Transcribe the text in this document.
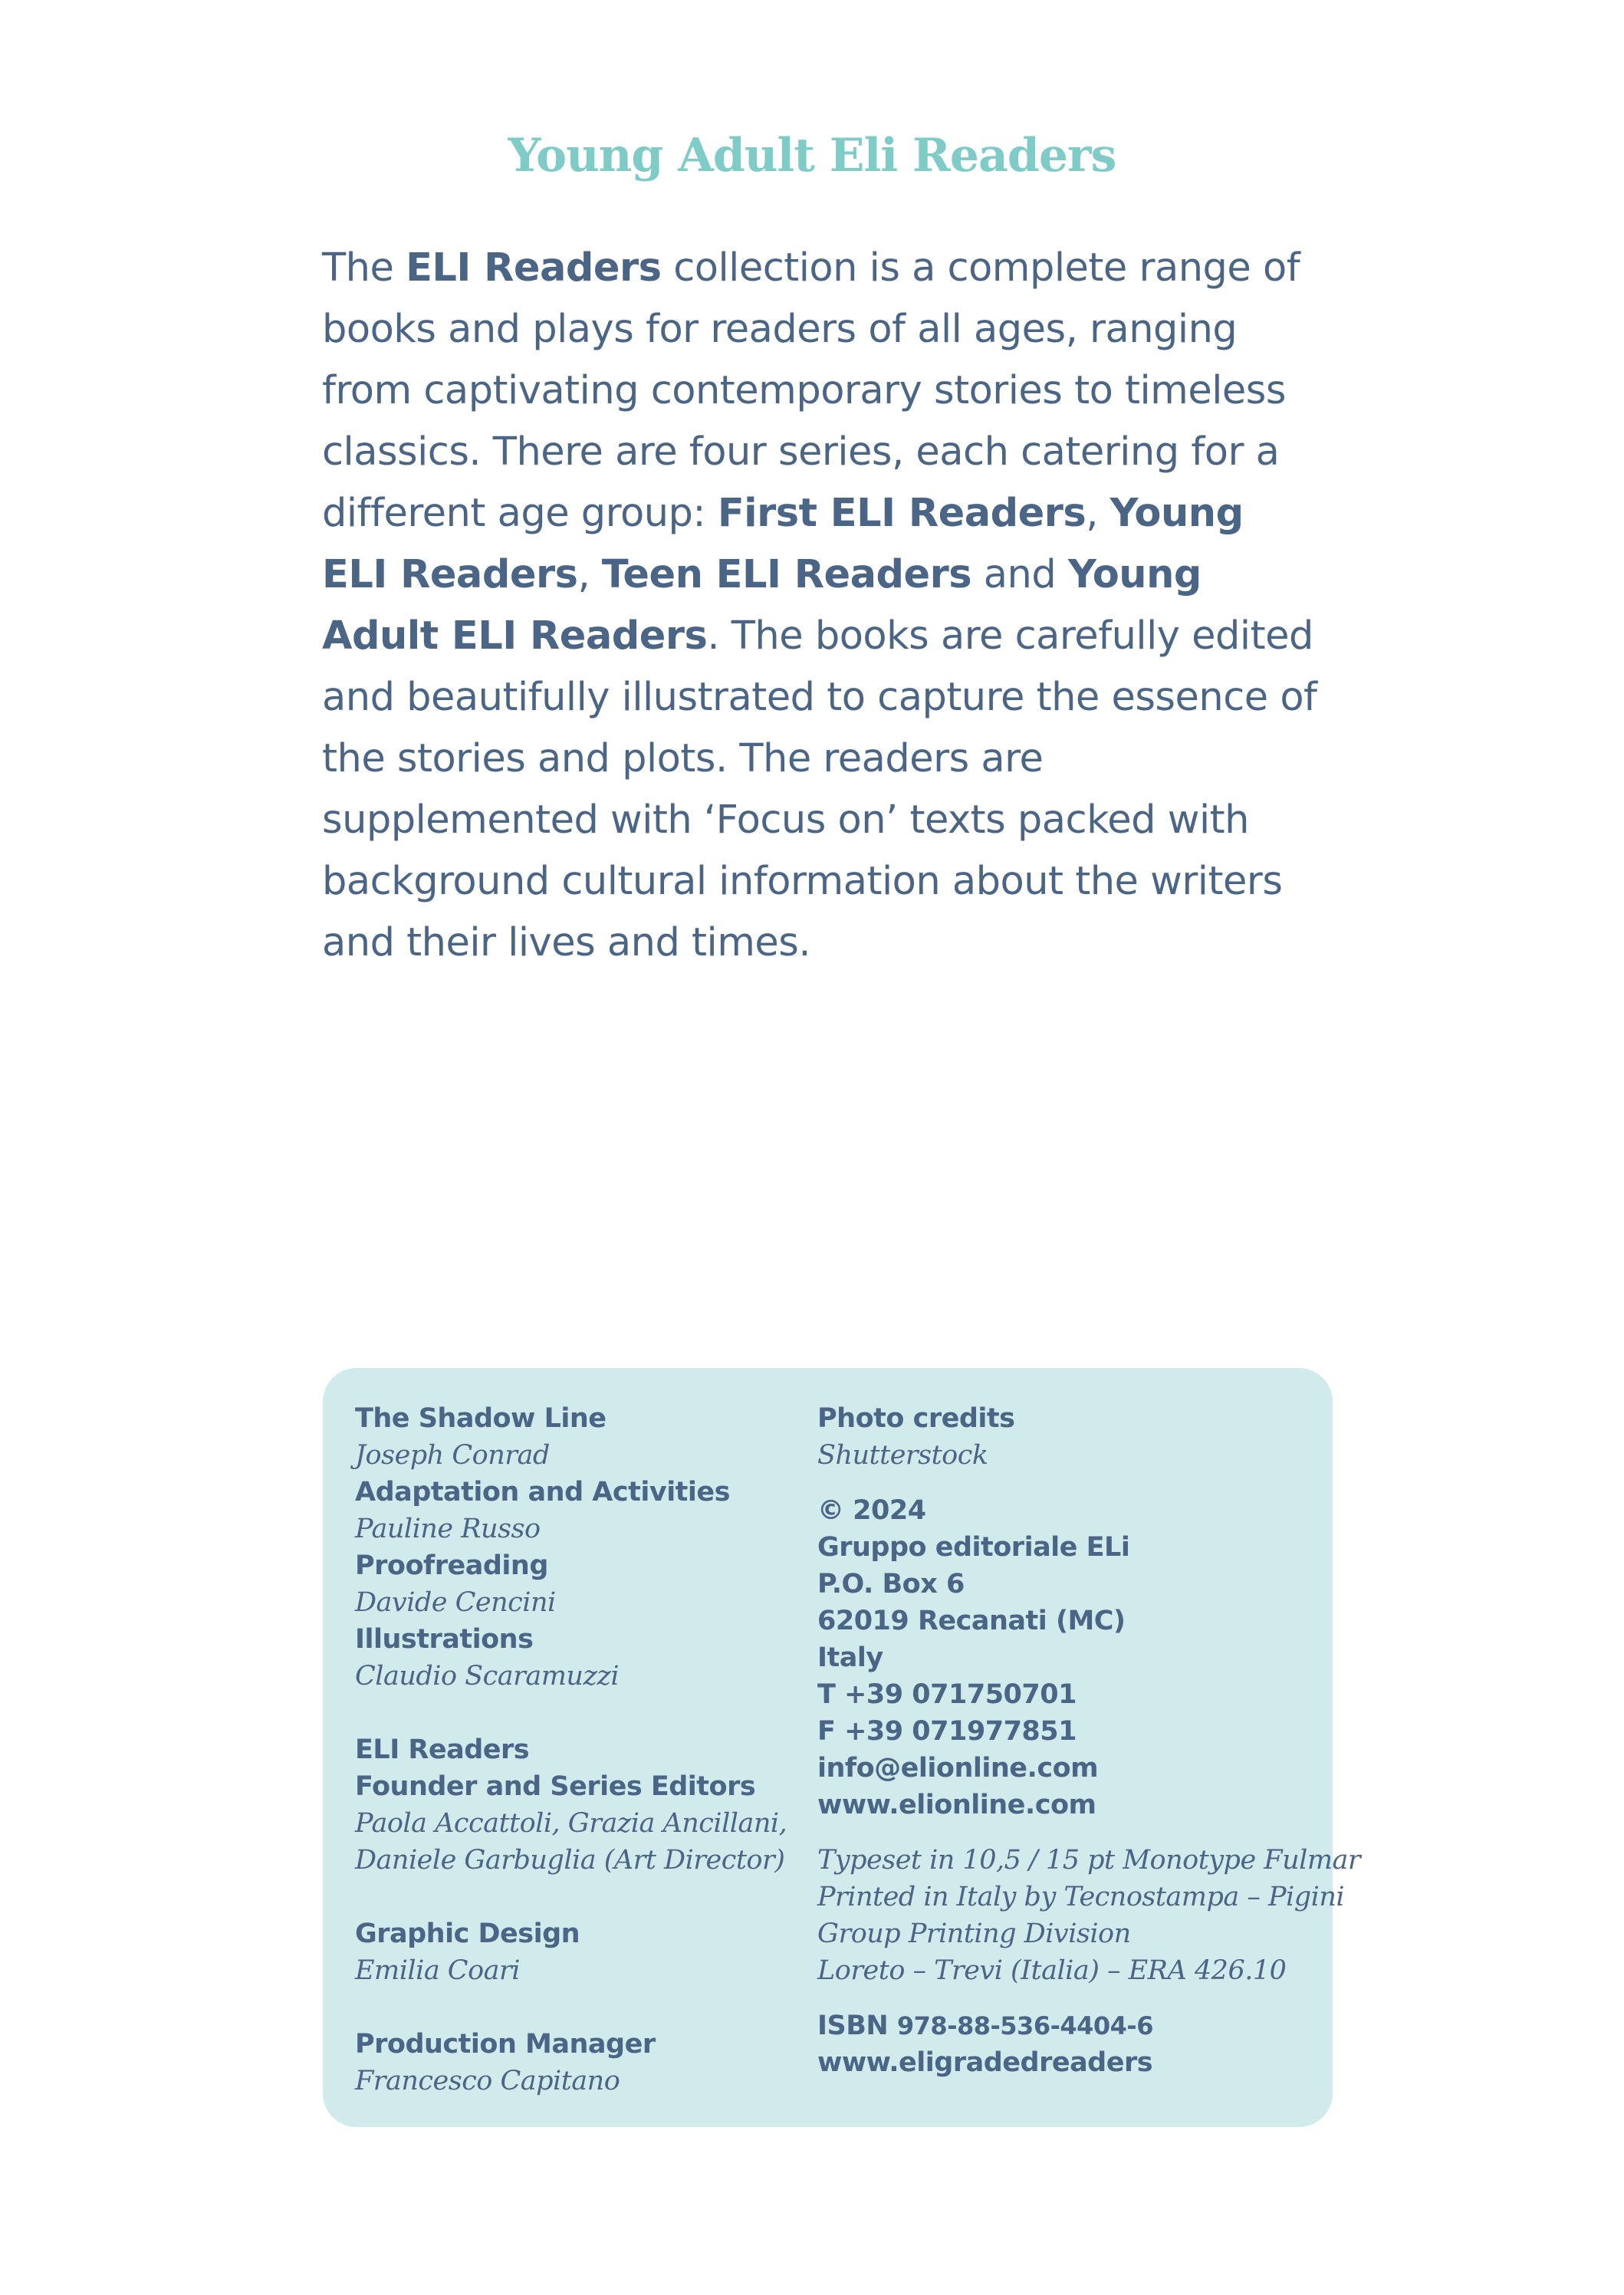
Young Adult Eli Readers

The ELI Readers collection is a complete range of books and plays for readers of all ages, ranging from captivating contemporary stories to timeless classics. There are four series, each catering for a different age group: First ELI Readers, Young ELI Readers, Teen ELI Readers and Young Adult ELI Readers. The books are carefully edited and beautifully illustrated to capture the essence of the stories and plots. The readers are supplemented with ‘Focus on’ texts packed with background cultural information about the writers and their lives and times.

The Shadow Line
Joseph Conrad
Adaptation and Activities
Pauline Russo
Proofreading
Davide Cencini
Illustrations
Claudio Scaramuzzi
ELI Readers
Founder and Series Editors
Paola Accattoli, Grazia Ancillani,
Daniele Garbuglia (Art Director)
Graphic Design
Emilia Coari
Production Manager
Francesco Capitano
Photo credits
Shutterstock
© 2024
Gruppo editoriale ELi
P.O. Box 6
62019 Recanati (MC)
Italy
T +39 071750701
F +39 071977851
info@elionline.com
www.elionline.com
Typeset in 10,5 / 15 pt Monotype Fulmar
Printed in Italy by Tecnostampa – Pigini
Group Printing Division
Loreto – Trevi (Italia) – ERA 426.10
ISBN 978-88-536-4404-6
www.eligradedreaders
